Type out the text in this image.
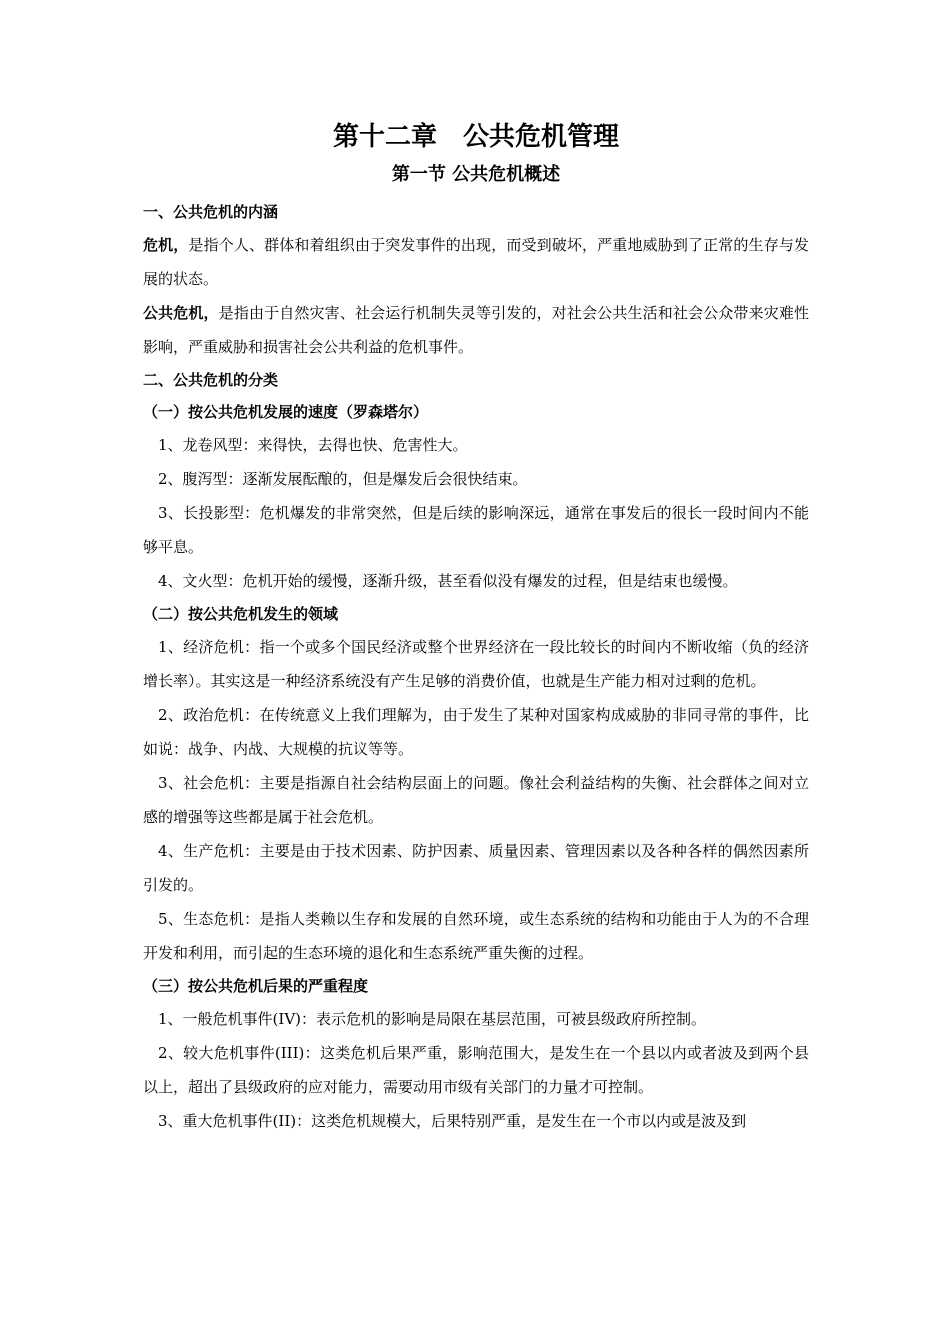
第十二章　公共危机管理
第一节 公共危机概述
一、公共危机的内涵

危机，是指个人、群体和着组织由于突发事件的出现，而受到破坏，严重地威胁到了正常的生存与发展的状态。

公共危机，是指由于自然灾害、社会运行机制失灵等引发的，对社会公共生活和社会公众带来灾难性影响，严重威胁和损害社会公共利益的危机事件。

二、公共危机的分类
（一）按公共危机发展的速度（罗森塔尔）

1、龙卷风型：来得快，去得也快、危害性大。

2、腹泻型：逐渐发展酝酿的，但是爆发后会很快结束。

3、长投影型：危机爆发的非常突然，但是后续的影响深远，通常在事发后的很长一段时间内不能够平息。

4、文火型：危机开始的缓慢，逐渐升级，甚至看似没有爆发的过程，但是结束也缓慢。

（二）按公共危机发生的领域

1、经济危机：指一个或多个国民经济或整个世界经济在一段比较长的时间内不断收缩（负的经济增长率）。其实这是一种经济系统没有产生足够的消费价值，也就是生产能力相对过剩的危机。

2、政治危机：在传统意义上我们理解为，由于发生了某种对国家构成威胁的非同寻常的事件，比如说：战争、内战、大规模的抗议等等。

3、社会危机：主要是指源自社会结构层面上的问题。像社会利益结构的失衡、社会群体之间对立感的增强等这些都是属于社会危机。

4、生产危机：主要是由于技术因素、防护因素、质量因素、管理因素以及各种各样的偶然因素所引发的。

5、生态危机：是指人类赖以生存和发展的自然环境，或生态系统的结构和功能由于人为的不合理开发和利用，而引起的生态环境的退化和生态系统严重失衡的过程。

（三）按公共危机后果的严重程度

1、一般危机事件(IV)：表示危机的影响是局限在基层范围，可被县级政府所控制。

2、较大危机事件(III)：这类危机后果严重，影响范围大，是发生在一个县以内或者波及到两个县以上，超出了县级政府的应对能力，需要动用市级有关部门的力量才可控制。

3、重大危机事件(II)：这类危机规模大，后果特别严重，是发生在一个市以内或是波及到
